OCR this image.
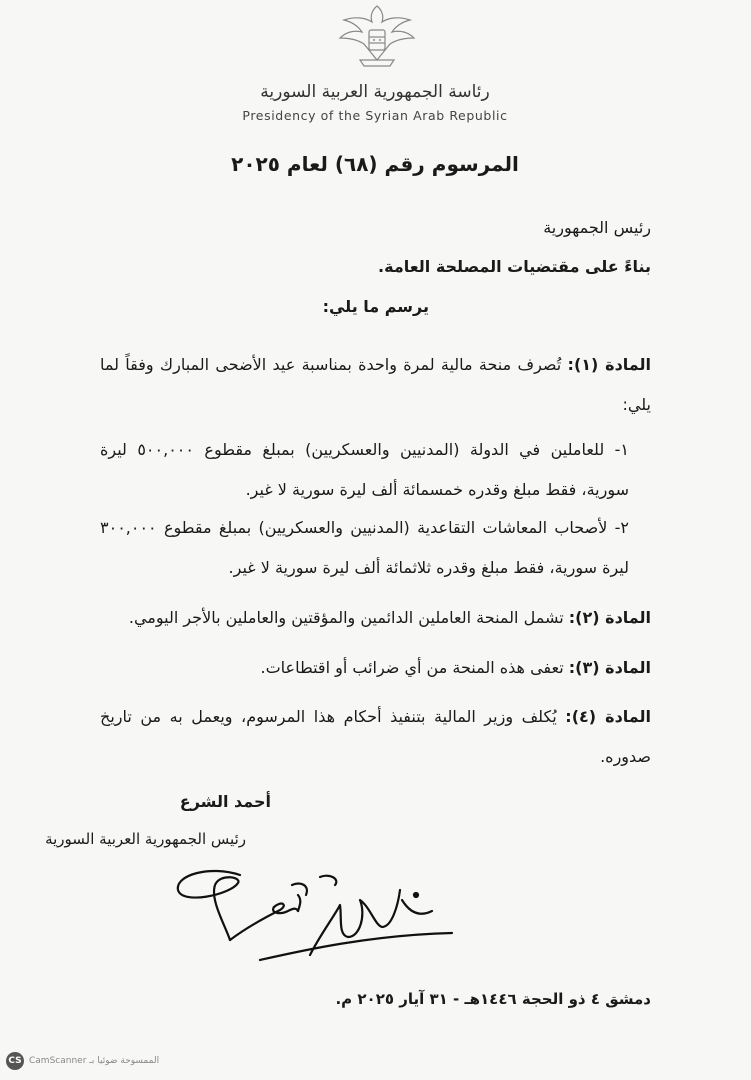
رئاسة الجمهورية العربية السورية
Presidency of the Syrian Arab Republic
المرسوم رقم (٦٨) لعام ٢٠٢٥
رئيس الجمهورية
بناءً على مقتضيات المصلحة العامة.
يرسم ما يلي:
المادة (١): تُصرف منحة مالية لمرة واحدة بمناسبة عيد الأضحى المبارك وفقاً لما يلي:
١- للعاملين في الدولة (المدنيين والعسكريين) بمبلغ مقطوع ٥٠٠,٠٠٠ ليرة سورية، فقط مبلغ وقدره خمسمائة ألف ليرة سورية لا غير.
٢- لأصحاب المعاشات التقاعدية (المدنيين والعسكريين) بمبلغ مقطوع ٣٠٠,٠٠٠ ليرة سورية، فقط مبلغ وقدره ثلاثمائة ألف ليرة سورية لا غير.
المادة (٢): تشمل المنحة العاملين الدائمين والمؤقتين والعاملين بالأجر اليومي.
المادة (٣): تعفى هذه المنحة من أي ضرائب أو اقتطاعات.
المادة (٤): يُكلف وزير المالية بتنفيذ أحكام هذا المرسوم، ويعمل به من تاريخ صدوره.
أحمد الشرع
رئيس الجمهورية العربية السورية
دمشق ٤ ذو الحجة ١٤٤٦هـ - ٣١ آيار ٢٠٢٥ م.
CS CamScanner الممسوحة ضوئيا بـ
